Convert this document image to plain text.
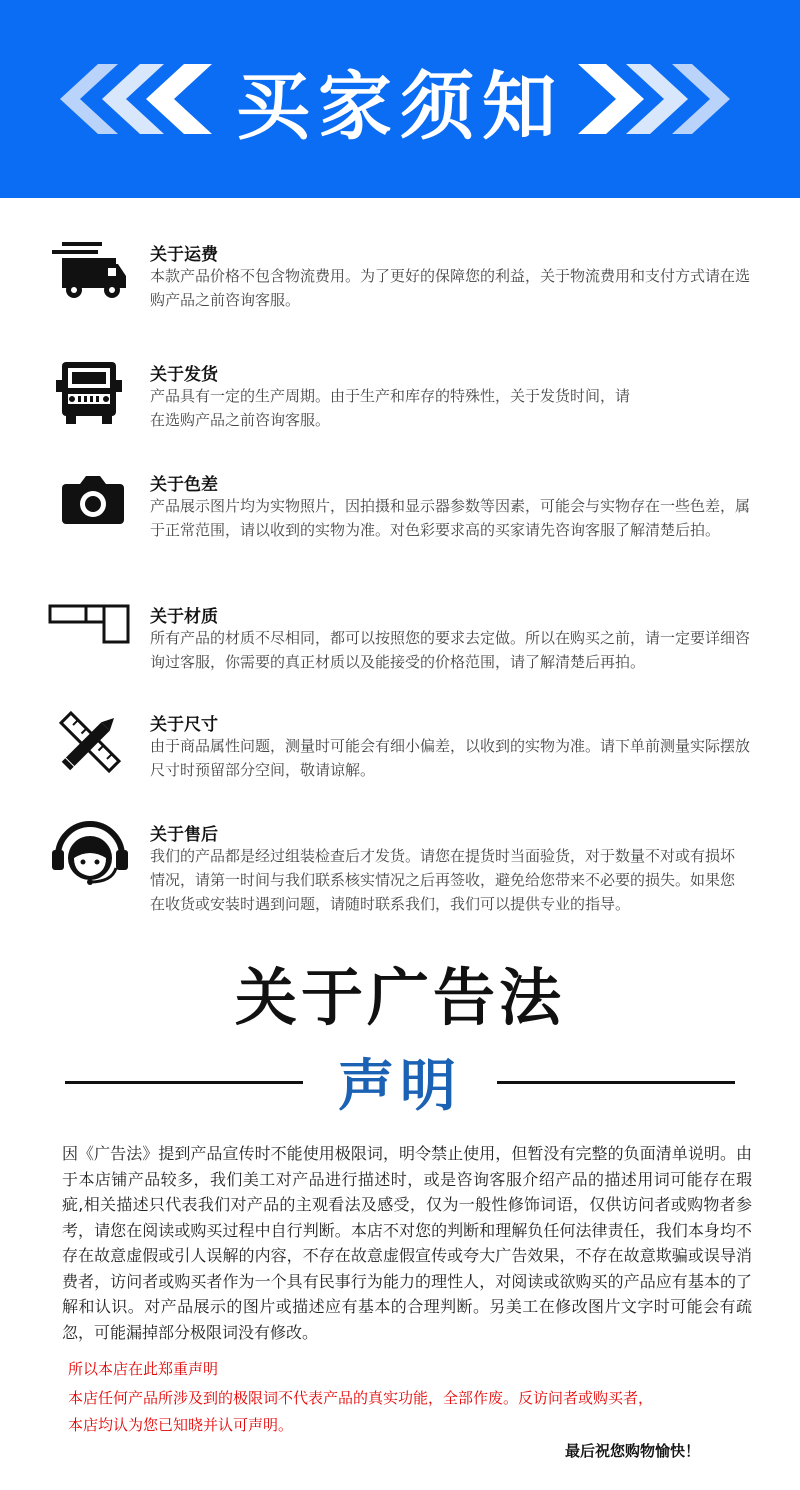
买家须知
关于运费
本款产品价格不包含物流费用。为了更好的保障您的利益，关于物流费用和支付方式请在选购产品之前咨询客服。
关于发货
产品具有一定的生产周期。由于生产和库存的特殊性，关于发货时间，请
在选购产品之前咨询客服。
关于色差
产品展示图片均为实物照片，因拍摄和显示器参数等因素，可能会与实物存在一些色差，属于正常范围，请以收到的实物为准。对色彩要求高的买家请先咨询客服了解清楚后拍。
关于材质
所有产品的材质不尽相同，都可以按照您的要求去定做。所以在购买之前，请一定要详细咨询过客服，你需要的真正材质以及能接受的价格范围，请了解清楚后再拍。
关于尺寸
由于商品属性问题，测量时可能会有细小偏差，以收到的实物为准。请下单前测量实际摆放尺寸时预留部分空间，敬请谅解。
关于售后
我们的产品都是经过组装检查后才发货。请您在提货时当面验货，对于数量不对或有损坏情况，请第一时间与我们联系核实情况之后再签收，避免给您带来不必要的损失。如果您在收货或安装时遇到问题，请随时联系我们，我们可以提供专业的指导。
关于广告法
声明
因《广告法》提到产品宣传时不能使用极限词，明令禁止使用，但暂没有完整的负面清单说明。由于本店铺产品较多，我们美工对产品进行描述时，或是咨询客服介绍产品的描述用词可能存在瑕疵,相关描述只代表我们对产品的主观看法及感受，仅为一般性修饰词语，仅供访问者或购物者参考，请您在阅读或购买过程中自行判断。本店不对您的判断和理解负任何法律责任，我们本身均不存在故意虚假或引人误解的内容，不存在故意虚假宣传或夸大广告效果，不存在故意欺骗或误导消费者，访问者或购买者作为一个具有民事行为能力的理性人，对阅读或欲购买的产品应有基本的了解和认识。对产品展示的图片或描述应有基本的合理判断。另美工在修改图片文字时可能会有疏忽，可能漏掉部分极限词没有修改。
所以本店在此郑重声明
本店任何产品所涉及到的极限词不代表产品的真实功能，全部作废。反访问者或购买者，
本店均认为您已知晓并认可声明。
最后祝您购物愉快！
